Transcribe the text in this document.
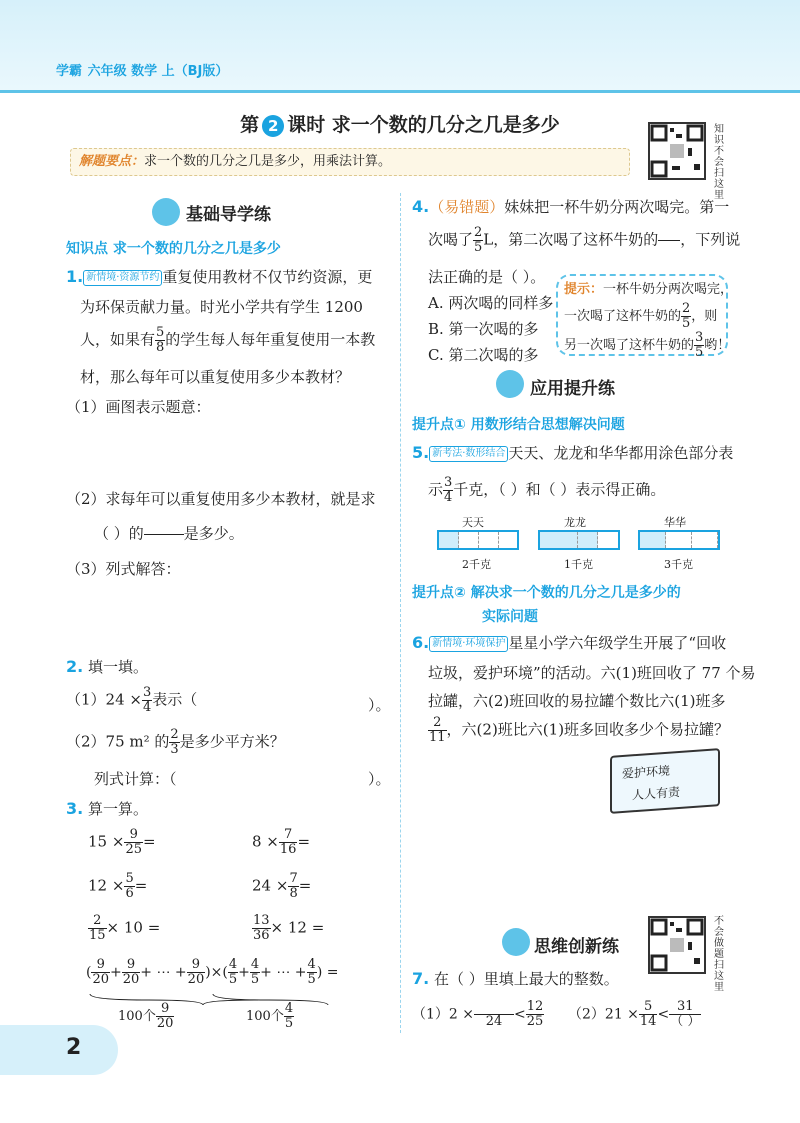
学霸 六年级 数学 上（BJ版）
第 2 课时 求一个数的几分之几是多少
解题要点：求一个数的几分之几是多少，用乘法计算。
知识不会扫这里
基础导学练
知识点 求一个数的几分之几是多少
1. 新情境·资源节约 重复使用教材不仅节约资源，更
为环保贡献力量。时光小学共有学生 1200
人，如果有 $\frac{5}{8}$ 的学生每人每年重复使用一本教
材，那么每年可以重复使用多少本教材？
（1）画图表示题意：
（2）求每年可以重复使用多少本教材，就是求
（ ）的

	是多少。
（3）列式解答：
2. 填一填。
$(1)24 \times \frac{3}{4}$ 表示（	）。
（2）75 m² 的 $\frac{2}{3}$ 是多少平方米？
列式计算：（	）。
3. 算一算。
$15 \times \frac{9}{25}$ =	$8 \times \frac{7}{16}$ =
$12 \times \frac{5}{6}$ =	$24 \times \frac{7}{8}$ =
$\frac{2}{15} \times 10$ =	$\frac{13}{36} \times 12$ =
( $\frac{9}{20} + \frac{9}{20}$ + ⋯ + $\frac{9}{20}$ )×( $\frac{4}{5} + \frac{4}{5}$ + ⋯ + $\frac{4}{5}$ ) =
100个 $\frac{9}{20}$	100个 $\frac{4}{5}$
4.（易错题）妹妹把一杯牛奶分两次喝完。第一
次喝了 $\frac{2}{5}$ L，第二次喝了这杯牛奶的

，下列说
法正确的是（ ）。
A. 两次喝的同样多
B. 第一次喝的多
C. 第二次喝的多
提示：一杯牛奶分两次喝完，
一次喝了这杯牛奶的 $\frac{2}{5}$ ，则
另一次喝了这杯牛奶的 $\frac{3}{5}$ 哟！
应用提升练
提升点① 用数形结合思想解决问题
5. 新考法·数形结合 天天、龙龙和华华都用涂色部分表
示 $\frac{3}{4}$ 千克，（ ）和（ ）表示得正确。
天天	龙龙	华华
2千克	1千克	3千克
提升点② 解决求一个数的几分之几是多少的
实际问题
6. 新情境·环境保护 星星小学六年级学生开展了“回收
垃圾，爱护环境”的活动。六(1)班回收了 77 个易
拉罐，六(2)班回收的易拉罐个数比六(1)班多
$\frac{2}{11}$ ，六(2)班比六(1)班多回收多少个易拉罐？
爱护环境
人人有责
思维创新练
不会做题扫这里
7. 在（ ）里填上最大的整数。
（1）2 ×
$24 < \frac{12}{25} (2)21 \times \frac{5}{14} < \frac{31}{( )}$
2
